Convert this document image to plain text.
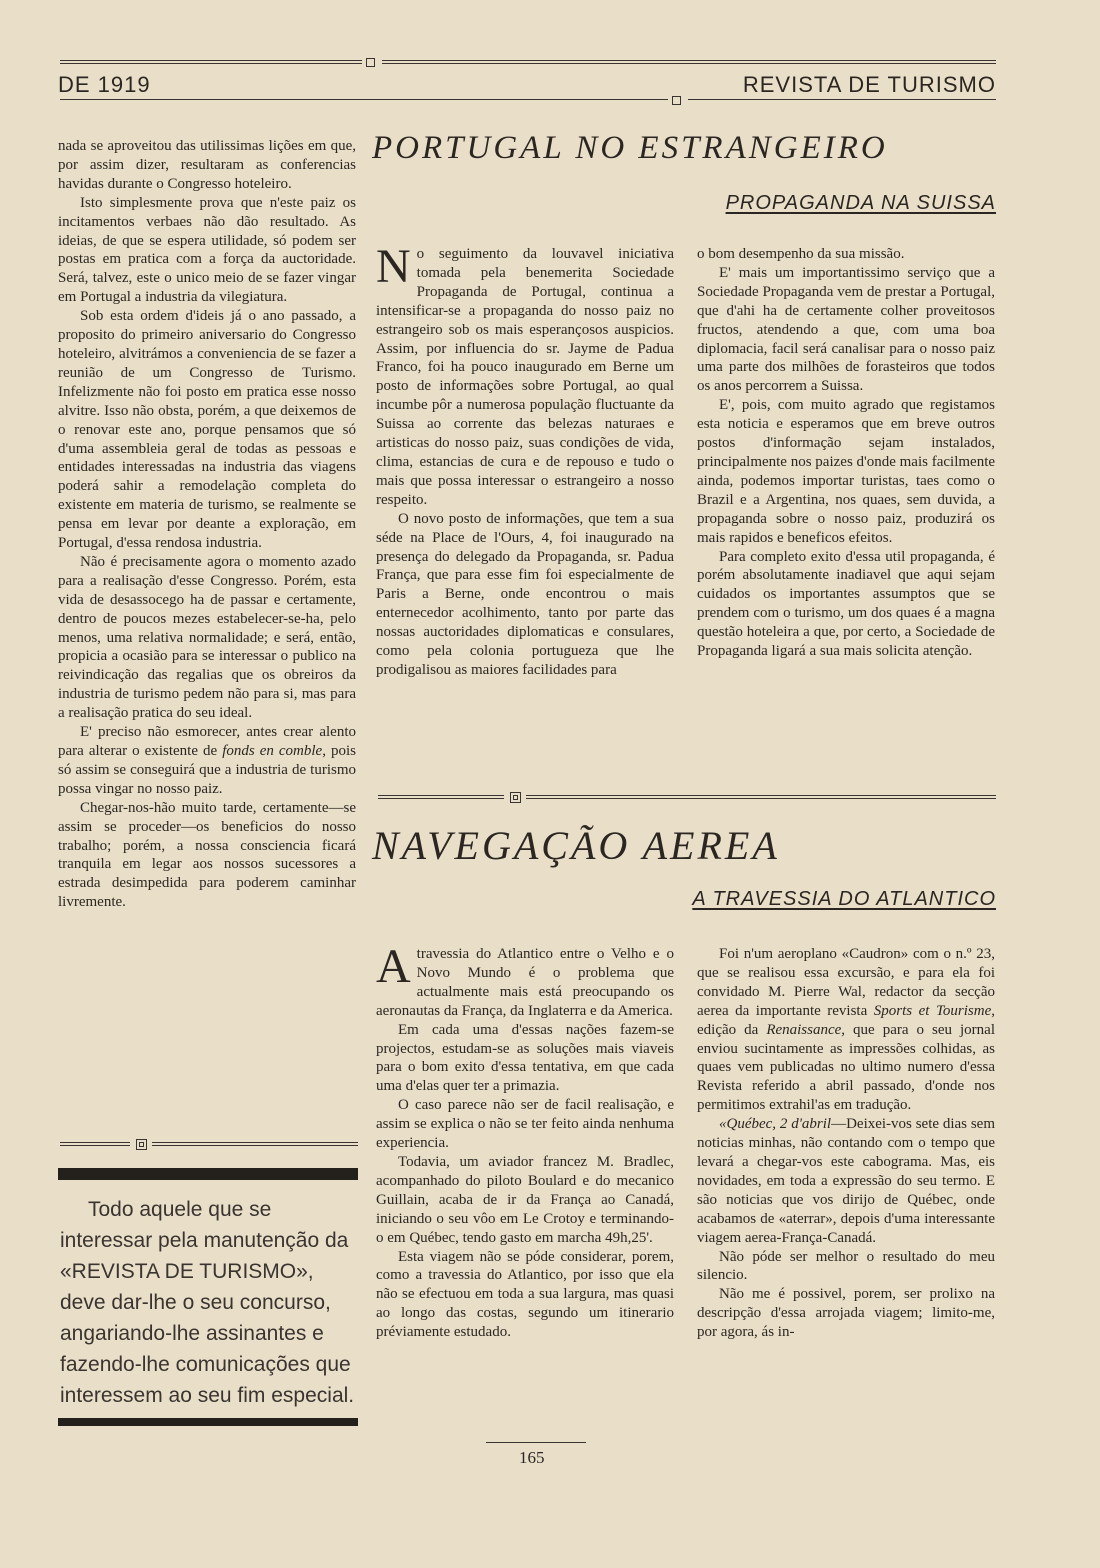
DE 1919	REVISTA DE TURISMO

nada se aproveitou das utilissimas lições em que, por assim dizer, resultaram as conferencias havidas durante o Congresso hoteleiro.

Isto simplesmente prova que n'este paiz os incitamentos verbaes não dão resultado. As ideias, de que se espera utilidade, só podem ser postas em pratica com a força da auctoridade. Será, talvez, este o unico meio de se fazer vingar em Portugal a industria da vilegiatura.

Sob esta ordem d'ideis já o ano passado, a proposito do primeiro aniversario do Congresso hoteleiro, alvitrámos a conveniencia de se fazer a reunião de um Congresso de Turismo. Infelizmente não foi posto em pratica esse nosso alvitre. Isso não obsta, porém, a que deixemos de o renovar este ano, porque pensamos que só d'uma assembleia geral de todas as pessoas e entidades interessadas na industria das viagens poderá sahir a remodelação completa do existente em materia de turismo, se realmente se pensa em levar por deante a exploração, em Portugal, d'essa rendosa industria.

Não é precisamente agora o momento azado para a realisação d'esse Congresso. Porém, esta vida de desassocego ha de passar e certamente, dentro de poucos mezes estabelecer-se-ha, pelo menos, uma relativa normalidade; e será, então, propicia a ocasião para se interessar o publico na reivindicação das regalias que os obreiros da industria de turismo pedem não para si, mas para a realisação pratica do seu ideal.

E' preciso não esmorecer, antes crear alento para alterar o existente de fonds en comble, pois só assim se conseguirá que a industria de turismo possa vingar no nosso paiz.

Chegar-nos-hão muito tarde, certamente—se assim se proceder—os beneficios do nosso trabalho; porém, a nossa consciencia ficará tranquila em legar aos nossos sucessores a estrada desimpedida para poderem caminhar livremente.

Todo aquele que se interessar pela manutenção da «REVISTA DE TURISMO», deve dar-lhe o seu concurso, angariando-lhe assinantes e fazendo-lhe comunicações que interessem ao seu fim especial.
PORTUGAL NO ESTRANGEIRO
PROPAGANDA NA SUISSA

No seguimento da louvavel iniciativa tomada pela benemerita Sociedade Propaganda de Portugal, continua a intensificar-se a propaganda do nosso paiz no estrangeiro sob os mais esperançosos auspicios. Assim, por influencia do sr. Jayme de Padua Franco, foi ha pouco inaugurado em Berne um posto de informações sobre Portugal, ao qual incumbe pôr a numerosa população fluctuante da Suissa ao corrente das belezas naturaes e artisticas do nosso paiz, suas condições de vida, clima, estancias de cura e de repouso e tudo o mais que possa interessar o estrangeiro a nosso respeito.

O novo posto de informações, que tem a sua séde na Place de l'Ours, 4, foi inaugurado na presença do delegado da Propaganda, sr. Padua França, que para esse fim foi especialmente de Paris a Berne, onde encontrou o mais enternecedor acolhimento, tanto por parte das nossas auctoridades diplomaticas e consulares, como pela colonia portugueza que lhe prodigalisou as maiores facilidades para

o bom desempenho da sua missão.

E' mais um importantissimo serviço que a Sociedade Propaganda vem de prestar a Portugal, que d'ahi ha de certamente colher proveitosos fructos, atendendo a que, com uma boa diplomacia, facil será canalisar para o nosso paiz uma parte dos milhões de forasteiros que todos os anos percorrem a Suissa.

E', pois, com muito agrado que registamos esta noticia e esperamos que em breve outros postos d'informação sejam instalados, principalmente nos paizes d'onde mais facilmente ainda, podemos importar turistas, taes como o Brazil e a Argentina, nos quaes, sem duvida, a propaganda sobre o nosso paiz, produzirá os mais rapidos e beneficos efeitos.

Para completo exito d'essa util propaganda, é porém absolutamente inadiavel que aqui sejam cuidados os importantes assumptos que se prendem com o turismo, um dos quaes é a magna questão hoteleira a que, por certo, a Sociedade de Propaganda ligará a sua mais solicita atenção.

NAVEGAÇÃO AEREA
A TRAVESSIA DO ATLANTICO

Atravessia do Atlantico entre o Velho e o Novo Mundo é o problema que actualmente mais está preocupando os aeronautas da França, da Inglaterra e da America.

Em cada uma d'essas nações fazem-se projectos, estudam-se as soluções mais viaveis para o bom exito d'essa tentativa, em que cada uma d'elas quer ter a primazia.

O caso parece não ser de facil realisação, e assim se explica o não se ter feito ainda nenhuma experiencia.

Todavia, um aviador francez M. Bradlec, acompanhado do piloto Boulard e do mecanico Guillain, acaba de ir da França ao Canadá, iniciando o seu vôo em Le Crotoy e terminando-o em Québec, tendo gasto em marcha 49h,25'.

Esta viagem não se póde considerar, porem, como a travessia do Atlantico, por isso que ela não se efectuou em toda a sua largura, mas quasi ao longo das costas, segundo um itinerario préviamente estudado.

Foi n'um aeroplano «Caudron» com o n.º 23, que se realisou essa excursão, e para ela foi convidado M. Pierre Wal, redactor da secção aerea da importante revista Sports et Tourisme, edição da Renaissance, que para o seu jornal enviou sucintamente as impressões colhidas, as quaes vem publicadas no ultimo numero d'essa Revista referido a abril passado, d'onde nos permitimos extrahil'as em tradução.

«Québec, 2 d'abril—Deixei-vos sete dias sem noticias minhas, não contando com o tempo que levará a chegar-vos este cabograma. Mas, eis novidades, em toda a expressão do seu termo. E são noticias que vos dirijo de Québec, onde acabamos de «aterrar», depois d'uma interessante viagem aerea-França-Canadá.

Não póde ser melhor o resultado do meu silencio.

Não me é possivel, porem, ser prolixo na descripção d'essa arrojada viagem; limito-me, por agora, ás in-

165
